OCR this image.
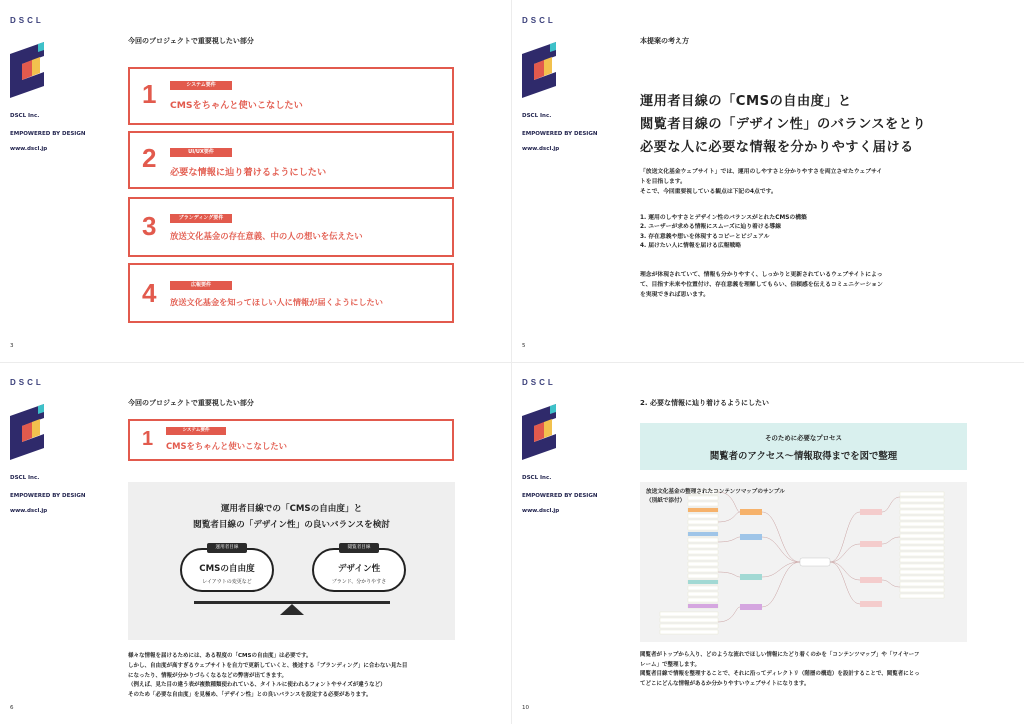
DSCL
DSCL Inc.
EMPOWERED BY DESIGN
www.dscl.jp
3
今回のプロジェクトで重要視したい部分
1	システム要件
CMSをちゃんと使いこなしたい
2	UI/UX要件
必要な情報に辿り着けるようにしたい
3	ブランディング要件
放送文化基金の存在意義、中の人の想いを伝えたい
4	広報要件
放送文化基金を知ってほしい人に情報が届くようにしたい
DSCL
DSCL Inc.
EMPOWERED BY DESIGN
www.dscl.jp
5
本提案の考え方
運用者目線の「CMSの自由度」と
閲覧者目線の「デザイン性」のバランスをとり
必要な人に必要な情報を分かりやすく届ける
「放送文化基金ウェブサイト」では、運用のしやすさと分かりやすさを両立させたウェブサイ
トを目指します。
そこで、今回重要視している観点は下記の4点です。
1. 運用のしやすさとデザイン性のバランスがとれたCMSの構築
2. ユーザーが求める情報にスムーズに辿り着ける導線
3. 存在意義や想いを体現するコピーとビジュアル
4. 届けたい人に情報を届ける広報戦略
理念が体現されていて、情報も分かりやすく、しっかりと更新されているウェブサイトによっ
て、目指す未来や位置付け、存在意義を理解してもらい、信頼感を伝えるコミュニケーション
を実現できれば思います。
DSCL
DSCL Inc.
EMPOWERED BY DESIGN
www.dscl.jp
6
今回のプロジェクトで重要視したい部分
1	システム要件
CMSをちゃんと使いこなしたい
運用者目線での「CMSの自由度」と
閲覧者目線の「デザイン性」の良いバランスを検討
CMSの自由度
レイアウトの変更など
運用者目線
デザイン性
ブランド、分かりやすさ
閲覧者目線
様々な情報を届けるためには、ある程度の「CMSの自由度」は必要です。
しかし、自由度が高すぎるウェブサイトを自力で更新していくと、後述する「ブランディング」に合わない見た目
になったり、情報が分かりづらくなるなどの弊害が出てきます。
（例えば、見た目の違う表が複数種類使われている、タイトルに使われるフォントやサイズが違うなど）
そのため「必要な自由度」を見極め、「デザイン性」との良いバランスを設定する必要があります。
DSCL
DSCL Inc.
EMPOWERED BY DESIGN
www.dscl.jp
10
2. 必要な情報に辿り着けるようにしたい
そのために必要なプロセス
閲覧者のアクセス〜情報取得までを図で整理
放送文化基金の整理されたコンテンツマップのサンプル
（別紙で添付）
閲覧者がトップから入り、どのような流れでほしい情報にたどり着くのかを「コンテンツマップ」や「ワイヤーフ
レーム」で整理します。
閲覧者目線で情報を整理することで、それに沿ってディレクトリ（階層の構造）を設計することで、閲覧者にとっ
てどこにどんな情報があるか分かりやすいウェブサイトになります。
